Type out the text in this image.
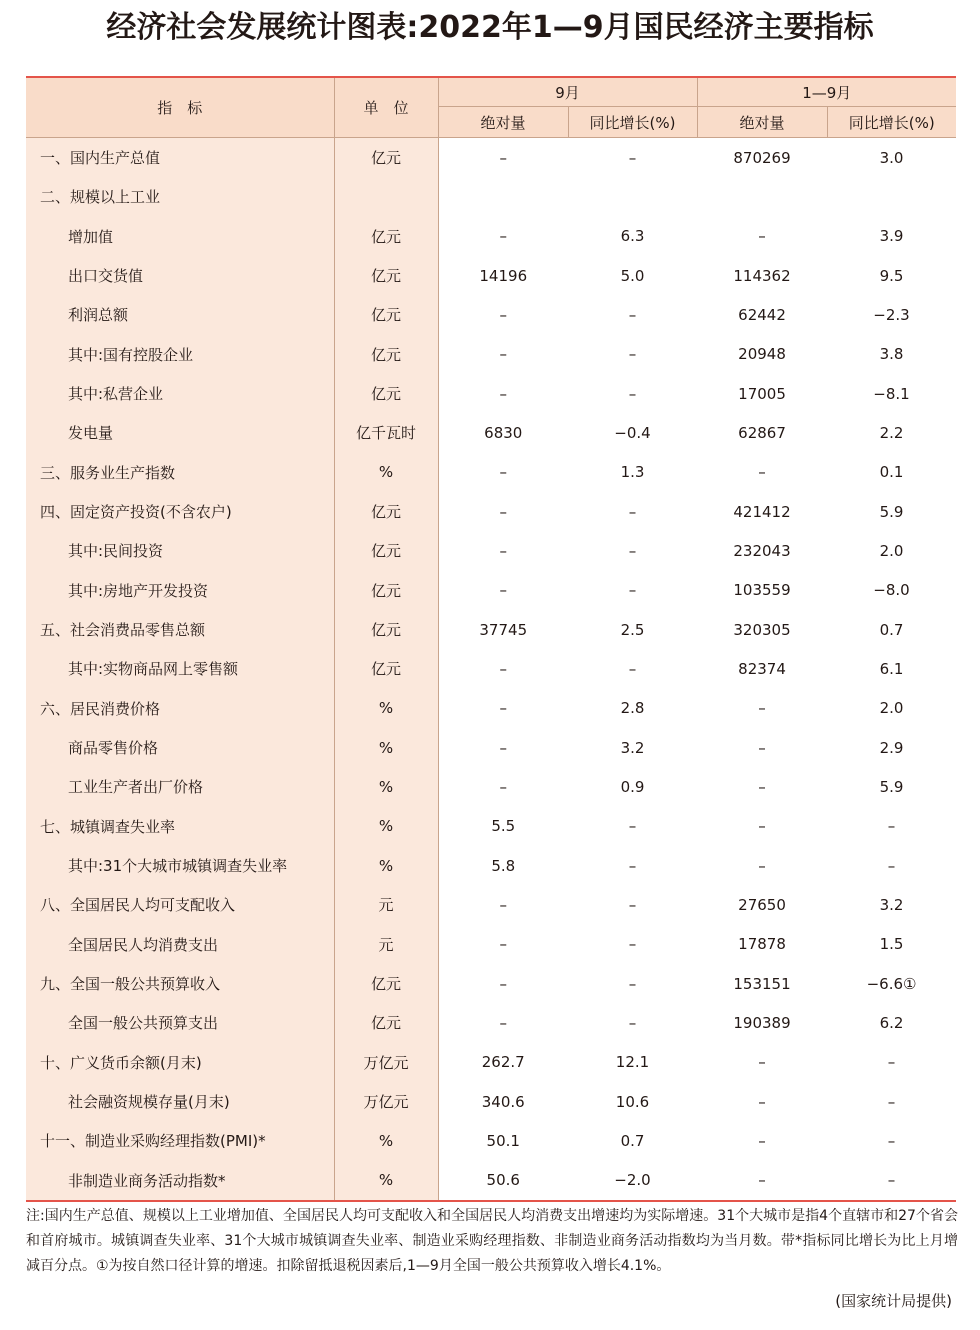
经济社会发展统计图表:2022年1—9月国民经济主要指标
指　标	单　位	9月		1—9月	
		绝对量	同比增长(%)	绝对量	同比增长(%)
一、国内生产总值	亿元	–	–	870269	3.0
二、规模以上工业					
增加值	亿元	–	6.3	–	3.9
出口交货值	亿元	14196	5.0	114362	9.5
利润总额	亿元	–	–	62442	−2.3
其中:国有控股企业	亿元	–	–	20948	3.8
其中:私营企业	亿元	–	–	17005	−8.1
发电量	亿千瓦时	6830	−0.4	62867	2.2
三、服务业生产指数	%	–	1.3	–	0.1
四、固定资产投资(不含农户)	亿元	–	–	421412	5.9
其中:民间投资	亿元	–	–	232043	2.0
其中:房地产开发投资	亿元	–	–	103559	−8.0
五、社会消费品零售总额	亿元	37745	2.5	320305	0.7
其中:实物商品网上零售额	亿元	–	–	82374	6.1
六、居民消费价格	%	–	2.8	–	2.0
商品零售价格	%	–	3.2	–	2.9
工业生产者出厂价格	%	–	0.9	–	5.9
七、城镇调查失业率	%	5.5	–	–	–
其中:31个大城市城镇调查失业率	%	5.8	–	–	–
八、全国居民人均可支配收入	元	–	–	27650	3.2
全国居民人均消费支出	元	–	–	17878	1.5
九、全国一般公共预算收入	亿元	–	–	153151	−6.6①
全国一般公共预算支出	亿元	–	–	190389	6.2
十、广义货币余额(月末)	万亿元	262.7	12.1	–	–
社会融资规模存量(月末)	万亿元	340.6	10.6	–	–
十一、制造业采购经理指数(PMI)*	%	50.1	0.7	–	–
非制造业商务活动指数*	%	50.6	−2.0	–	–
注:国内生产总值、规模以上工业增加值、全国居民人均可支配收入和全国居民人均消费支出增速均为实际增速。31个大城市是指4个直辖市和27个省会和首府城市。城镇调查失业率、31个大城市城镇调查失业率、制造业采购经理指数、非制造业商务活动指数均为当月数。带*指标同比增长为比上月增减百分点。①为按自然口径计算的增速。扣除留抵退税因素后,1—9月全国一般公共预算收入增长4.1%。
(国家统计局提供)
